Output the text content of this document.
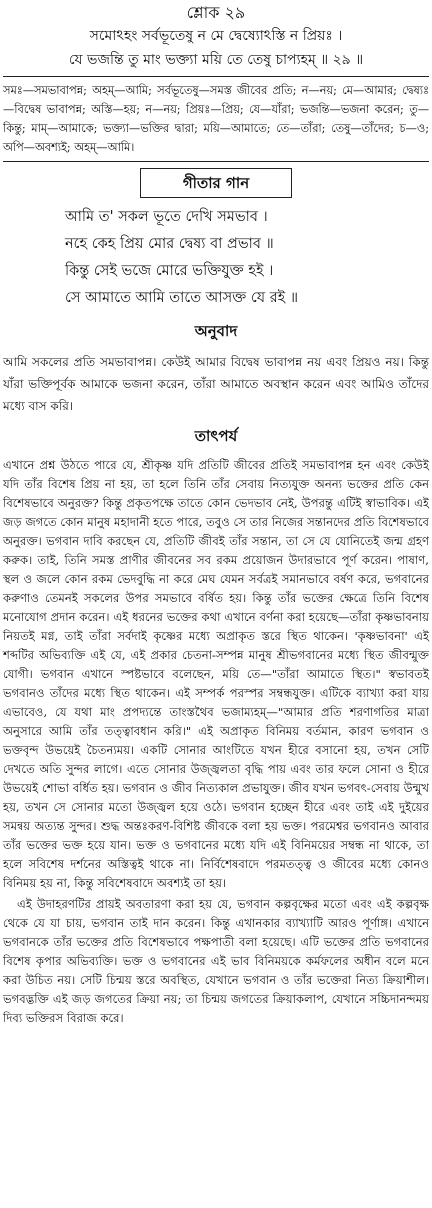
শ্লোক ২৯
সমোঽহং সর্বভূতেষু ন মে দ্বেষ্যোঽস্তি ন প্রিয়ঃ ।
যে ভজন্তি তু মাং ভক্ত্যা ময়ি তে তেষু চাপ্যহম্ ॥ ২৯ ॥
সমঃ—সমভাবাপন্ন; অহম্—আমি; সর্বভূতেষু—সমস্ত জীবের প্রতি; ন—নয়; মে—আমার; দ্বেষ্যঃ—বিদ্বেষ ভাবাপন্ন; অস্তি—হয়; ন—নয়; প্রিয়ঃ—প্রিয়; যে—যাঁরা; ভজন্তি—ভজনা করেন; তু—কিন্তু; মাম্—আমাকে; ভক্ত্যা—ভক্তির দ্বারা; ময়ি—আমাতে; তে—তাঁরা; তেষু—তাঁদের; চ—ও; অপি—অবশ্যই; অহম্—আমি।
গীতার গান

আমি ত' সকল ভূতে দেখি সমভাব ।

নহে কেহ প্রিয় মোর দ্বেষ্য বা প্রভাব ॥

কিন্তু সেই ভজে মোরে ভক্তিযুক্ত হই ।

সে আমাতে আমি তাতে আসক্ত যে রই ॥

অনুবাদ
আমি সকলের প্রতি সমভাবাপন্ন। কেউই আমার বিদ্বেষ ভাবাপন্ন নয় এবং প্রিয়ও নয়। কিন্তু যাঁরা ভক্তিপূর্বক আমাকে ভজনা করেন, তাঁরা আমাতে অবস্থান করেন এবং আমিও তাঁদের মধ্যে বাস করি।
তাৎপর্য

এখানে প্রশ্ন উঠতে পারে যে, শ্রীকৃষ্ণ যদি প্রতিটি জীবের প্রতিই সমভাবাপন্ন হন এবং কেউই যদি তাঁর বিশেষ প্রিয় না হয়, তা হলে তিনি তাঁর সেবায় নিত্যযুক্ত অনন্য ভক্তের প্রতি কেন বিশেষভাবে অনুরক্ত? কিন্তু প্রকৃতপক্ষে তাতে কোন ভেদভাব নেই, উপরন্তু এটিই স্বাভাবিক। এই জড় জগতে কোন মানুষ মহাদানী হতে পারে, তবুও সে তার নিজের সন্তানদের প্রতি বিশেষভাবে অনুরক্ত। ভগবান দাবি করছেন যে, প্রতিটি জীবই তাঁর সন্তান, তা সে যে যোনিতেই জন্ম গ্রহণ করুক। তাই, তিনি সমস্ত প্রাণীর জীবনের সব রকম প্রয়োজন উদারভাবে পূর্ণ করেন। পাষাণ, স্থল ও জলে কোন রকম ভেদবুদ্ধি না করে মেঘ যেমন সর্বত্রই সমানভাবে বর্ষণ করে, ভগবানের করুণাও তেমনই সকলের উপর সমভাবে বর্ষিত হয়। কিন্তু তাঁর ভক্তের ক্ষেত্রে তিনি বিশেষ মনোযোগ প্রদান করেন। এই ধরনের ভক্তের কথা এখানে বর্ণনা করা হয়েছে—তাঁরা কৃষ্ণভাবনায় নিয়তই মগ্ন, তাই তাঁরা সর্বদাই কৃষ্ণের মধ্যে অপ্রাকৃত স্তরে স্থিত থাকেন। 'কৃষ্ণভাবনা' এই শব্দটির অভিব্যক্তি এই যে, এই প্রকার চেতনা-সম্পন্ন মানুষ শ্রীভগবানের মধ্যে স্থিত জীবন্মুক্ত যোগী। ভগবান এখানে স্পষ্টভাবে বলেছেন, ময়ি তে—"তাঁরা আমাতে স্থিত।" স্বভাবতই ভগবানও তাঁদের মধ্যে স্থিত থাকেন। এই সম্পর্ক পরস্পর সম্বন্ধযুক্ত। এটিকে ব্যাখ্যা করা যায় এভাবেও, যে যথা মাং প্রপদ্যন্তে তাংস্তথৈব ভজাম্যহম্—"আমার প্রতি শরণাগতির মাত্রা অনুসারে আমি তাঁর তত্ত্বাবধান করি।" এই অপ্রাকৃত বিনিময় বর্তমান, কারণ ভগবান ও ভক্তবৃন্দ উভয়েই চৈতন্যময়। একটি সোনার আংটিতে যখন হীরে বসানো হয়, তখন সেটি দেখতে অতি সুন্দর লাগে। এতে সোনার উজ্জ্বলতা বৃদ্ধি পায় এবং তার ফলে সোনা ও হীরে উভয়েই শোভা বর্ধিত হয়। ভগবান ও জীব নিত্যকাল প্রভাযুক্ত। জীব যখন ভগবৎ-সেবায় উন্মুখ হয়, তখন সে সোনার মতো উজ্জ্বল হয়ে ওঠে। ভগবান হচ্ছেন হীরে এবং তাই এই দুইয়ের সমন্বয় অত্যন্ত সুন্দর। শুদ্ধ অন্তঃকরণ-বিশিষ্ট জীবকে বলা হয় ভক্ত। পরমেশ্বর ভগবানও আবার তাঁর ভক্তের ভক্ত হয়ে যান। ভক্ত ও ভগবানের মধ্যে যদি এই বিনিময়ের সম্বন্ধ না থাকে, তা হলে সবিশেষ দর্শনের অস্তিত্বই থাকে না। নির্বিশেষবাদে পরমতত্ত্ব ও জীবের মধ্যে কোনও বিনিময় হয় না, কিন্তু সবিশেষবাদে অবশ্যই তা হয়।

এই উদাহরণটির প্রায়ই অবতারণা করা হয় যে, ভগবান কল্পবৃক্ষের মতো এবং এই কল্পবৃক্ষ থেকে যে যা চায়, ভগবান তাই দান করেন। কিন্তু এখানকার ব্যাখ্যাটি আরও পূর্ণাঙ্গ। এখানে ভগবানকে তাঁর ভক্তের প্রতি বিশেষভাবে পক্ষপাতী বলা হয়েছে। এটি ভক্তের প্রতি ভগবানের বিশেষ কৃপার অভিব্যক্তি। ভক্ত ও ভগবানের এই ভাব বিনিময়কে কর্মফলের অধীন বলে মনে করা উচিত নয়। সেটি চিন্ময় স্তরে অবস্থিত, যেখানে ভগবান ও তাঁর ভক্তেরা নিত্য ক্রিয়াশীল। ভগবদ্ভক্তি এই জড় জগতের ক্রিয়া নয়; তা চিন্ময় জগতের ক্রিয়াকলাপ, যেখানে সচ্চিদানন্দময় দিব্য ভক্তিরস বিরাজ করে।
